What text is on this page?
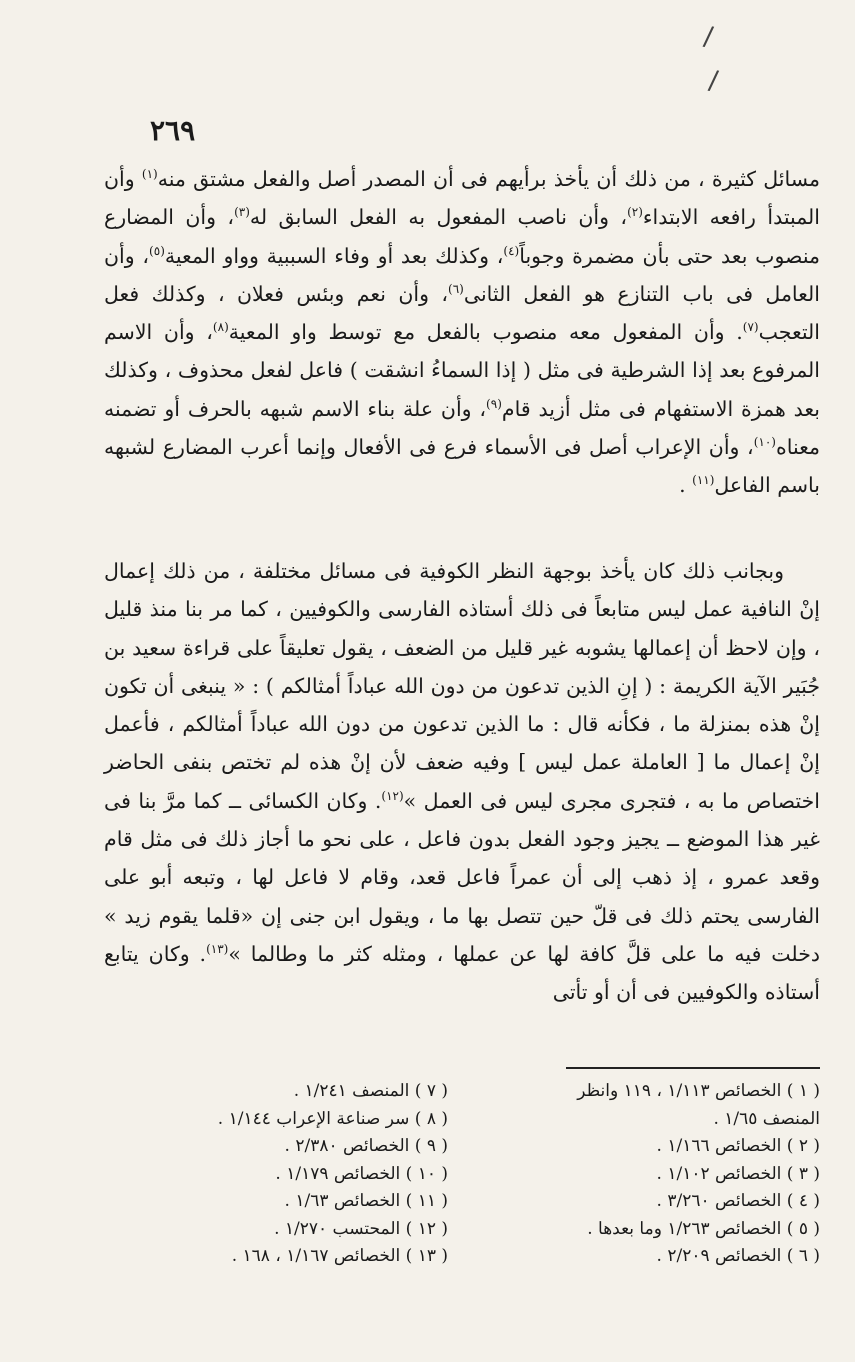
/
/
٢٦٩

مسائل كثيرة ، من ذلك أن يأخذ برأيهم فى أن المصدر أصل والفعل مشتق منه$^{(١)}$ وأن المبتدأ رافعه الابتداء$^{(٢)}$، وأن ناصب المفعول به الفعل السابق له$^{(٣)}$، وأن المضارع منصوب بعد حتى بأن مضمرة وجوباً$^{(٤)}$، وكذلك بعد أو وفاء السببية وواو المعية$^{(٥)}$، وأن العامل فى باب التنازع هو الفعل الثانى$^{(٦)}$، وأن نعم وبئس فعلان ، وكذلك فعل التعجب$^{(٧)}$. وأن المفعول معه منصوب بالفعل مع توسط واو المعية$^{(٨)}$، وأن الاسم المرفوع بعد إذا الشرطية فى مثل ( إذا السماءُ انشقت ) فاعل لفعل محذوف ، وكذلك بعد همزة الاستفهام فى مثل أزيد قام$^{(٩)}$، وأن علة بناء الاسم شبهه بالحرف أو تضمنه معناه$^{(١٠)}$، وأن الإعراب أصل فى الأسماء فرع فى الأفعال وإنما أعرب المضارع لشبهه باسم الفاعل$^{(١١)}$ .

وبجانب ذلك كان يأخذ بوجهة النظر الكوفية فى مسائل مختلفة ، من ذلك إعمال إنْ النافية عمل ليس متابعاً فى ذلك أستاذه الفارسى والكوفيين ، كما مر بنا منذ قليل ، وإن لاحظ أن إعمالها يشوبه غير قليل من الضعف ، يقول تعليقاً على قراءة سعيد بن جُبَير الآية الكريمة : ( إنِ الذين تدعون من دون الله عباداً أمثالكم ) : « ينبغى أن تكون إنْ هذه بمنزلة ما ، فكأنه قال : ما الذين تدعون من دون الله عباداً أمثالكم ، فأعمل إنْ إعمال ما [ العاملة عمل ليس ] وفيه ضعف لأن إنْ هذه لم تختص بنفى الحاضر اختصاص ما به ، فتجرى مجرى ليس فى العمل »$^{(١٢)}$. وكان الكسائى ــ كما مرَّ بنا فى غير هذا الموضع ــ يجيز وجود الفعل بدون فاعل ، على نحو ما أجاز ذلك فى مثل قام وقعد عمرو ، إذ ذهب إلى أن عمراً فاعل قعد، وقام لا فاعل لها ، وتبعه أبو على الفارسى يحتم ذلك فى قلّ حين تتصل بها ما ، ويقول ابن جنى إن «قلما يقوم زيد » دخلت فيه ما على قلَّ كافة لها عن عملها ، ومثله كثر ما وطالما »$^{(١٣)}$. وكان يتابع أستاذه والكوفيين فى أن أو تأتى

( ١ ) الخصائص ١/١١٣ ، ١١٩ وانظر
المنصف ١/٦٥ .
( ٢ ) الخصائص ١/١٦٦ .
( ٣ ) الخصائص ١/١٠٢ .
( ٤ ) الخصائص ٣/٢٦٠ .
( ٥ ) الخصائص ١/٢٦٣ وما بعدها .
( ٦ ) الخصائص ٢/٢٠٩ .
( ٧ ) المنصف ١/٢٤١ .
( ٨ ) سر صناعة الإعراب ١/١٤٤ .
( ٩ ) الخصائص ٢/٣٨٠ .
( ١٠ ) الخصائص ١/١٧٩ .
( ١١ ) الخصائص ١/٦٣ .
( ١٢ ) المحتسب ١/٢٧٠ .
( ١٣ ) الخصائص ١/١٦٧ ، ١٦٨ .
